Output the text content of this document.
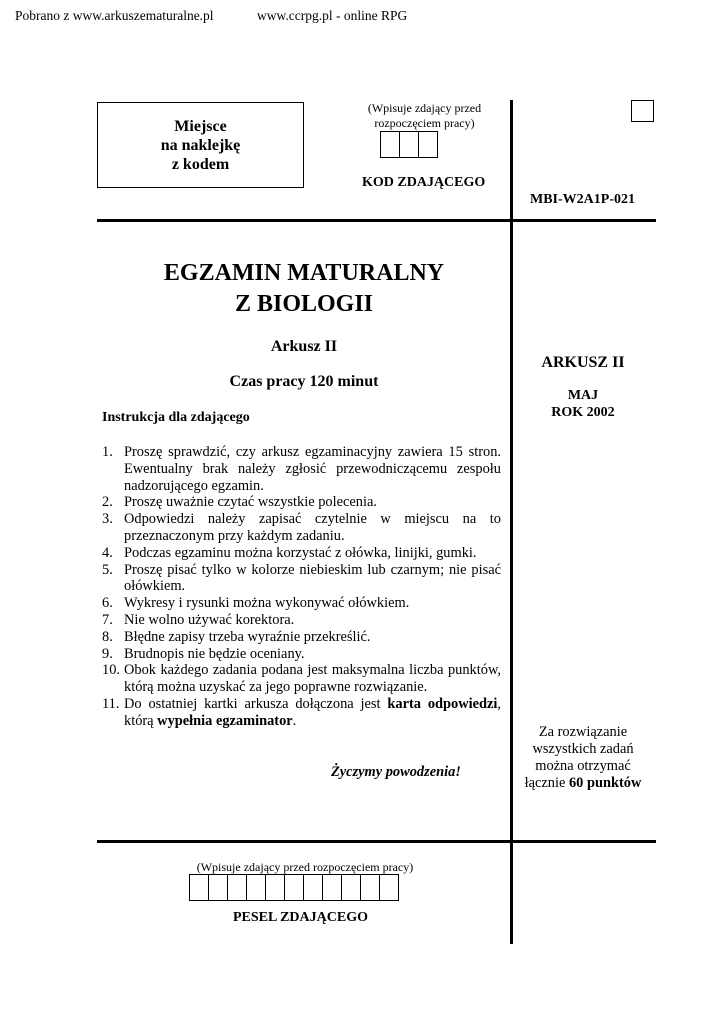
Pobrano z www.arkuszematuralne.pl	www.ccrpg.pl - online RPG
Miejsce
na naklejkę
z kodem
(Wpisuje zdający przed
rozpoczęciem pracy)
KOD ZDAJĄCEGO
MBI-W2A1P-021
EGZAMIN MATURALNY
Z BIOLOGII
Arkusz II
Czas pracy 120 minut
Instrukcja dla zdającego
1. Proszę sprawdzić, czy arkusz egzaminacyjny zawiera 15 stron. Ewentualny brak należy zgłosić przewodniczącemu zespołu nadzorującego egzamin.
2. Proszę uważnie czytać wszystkie polecenia.
3. Odpowiedzi należy zapisać czytelnie w miejscu na to przeznaczonym przy każdym zadaniu.
4. Podczas egzaminu można korzystać z ołówka, linijki, gumki.
5. Proszę pisać tylko w kolorze niebieskim lub czarnym; nie pisać ołówkiem.
6. Wykresy i rysunki można wykonywać ołówkiem.
7. Nie wolno używać korektora.
8. Błędne zapisy trzeba wyraźnie przekreślić.
9. Brudnopis nie będzie oceniany.
10. Obok każdego zadania podana jest maksymalna liczba punktów, którą można uzyskać za jego poprawne rozwiązanie.
11. Do ostatniej kartki arkusza dołączona jest karta odpowiedzi, którą wypełnia egzaminator.
Życzymy powodzenia!
ARKUSZ II
MAJ
ROK 2002
Za rozwiązanie
wszystkich zadań
można otrzymać
łącznie 60 punktów
(Wpisuje zdający przed rozpoczęciem pracy)
PESEL ZDAJĄCEGO
